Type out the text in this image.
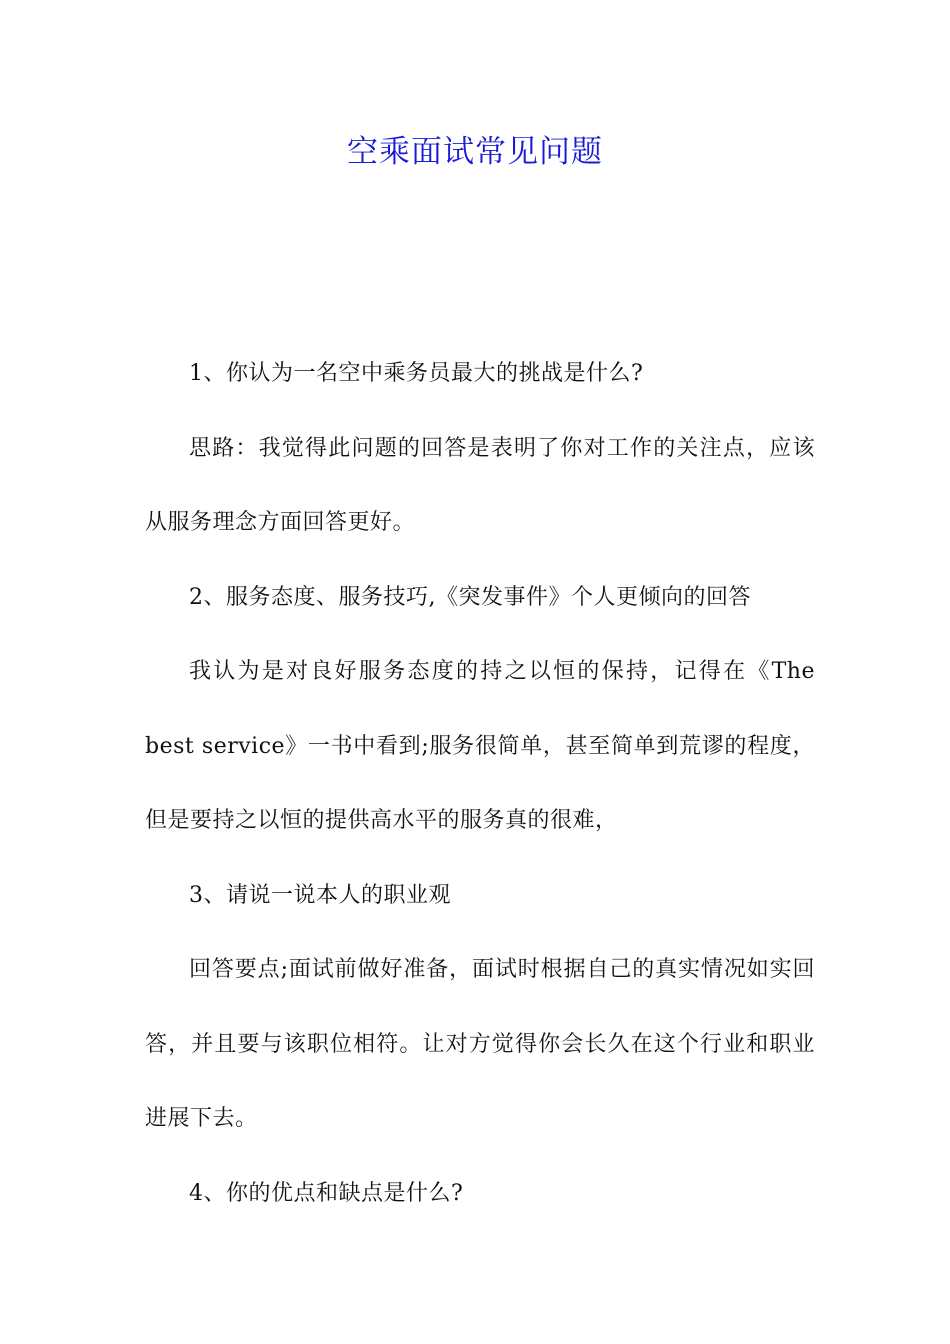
空乘面试常见问题

1、你认为一名空中乘务员最大的挑战是什么?

思路：我觉得此问题的回答是表明了你对工作的关注点，应该从服务理念方面回答更好。

2、服务态度、服务技巧,《突发事件》个人更倾向的回答

我认为是对良好服务态度的持之以恒的保持，记得在《The best service》一书中看到;服务很简单，甚至简单到荒谬的程度，但是要持之以恒的提供高水平的服务真的很难，

3、请说一说本人的职业观

回答要点;面试前做好准备，面试时根据自己的真实情况如实回答，并且要与该职位相符。让对方觉得你会长久在这个行业和职业进展下去。

4、你的优点和缺点是什么?
